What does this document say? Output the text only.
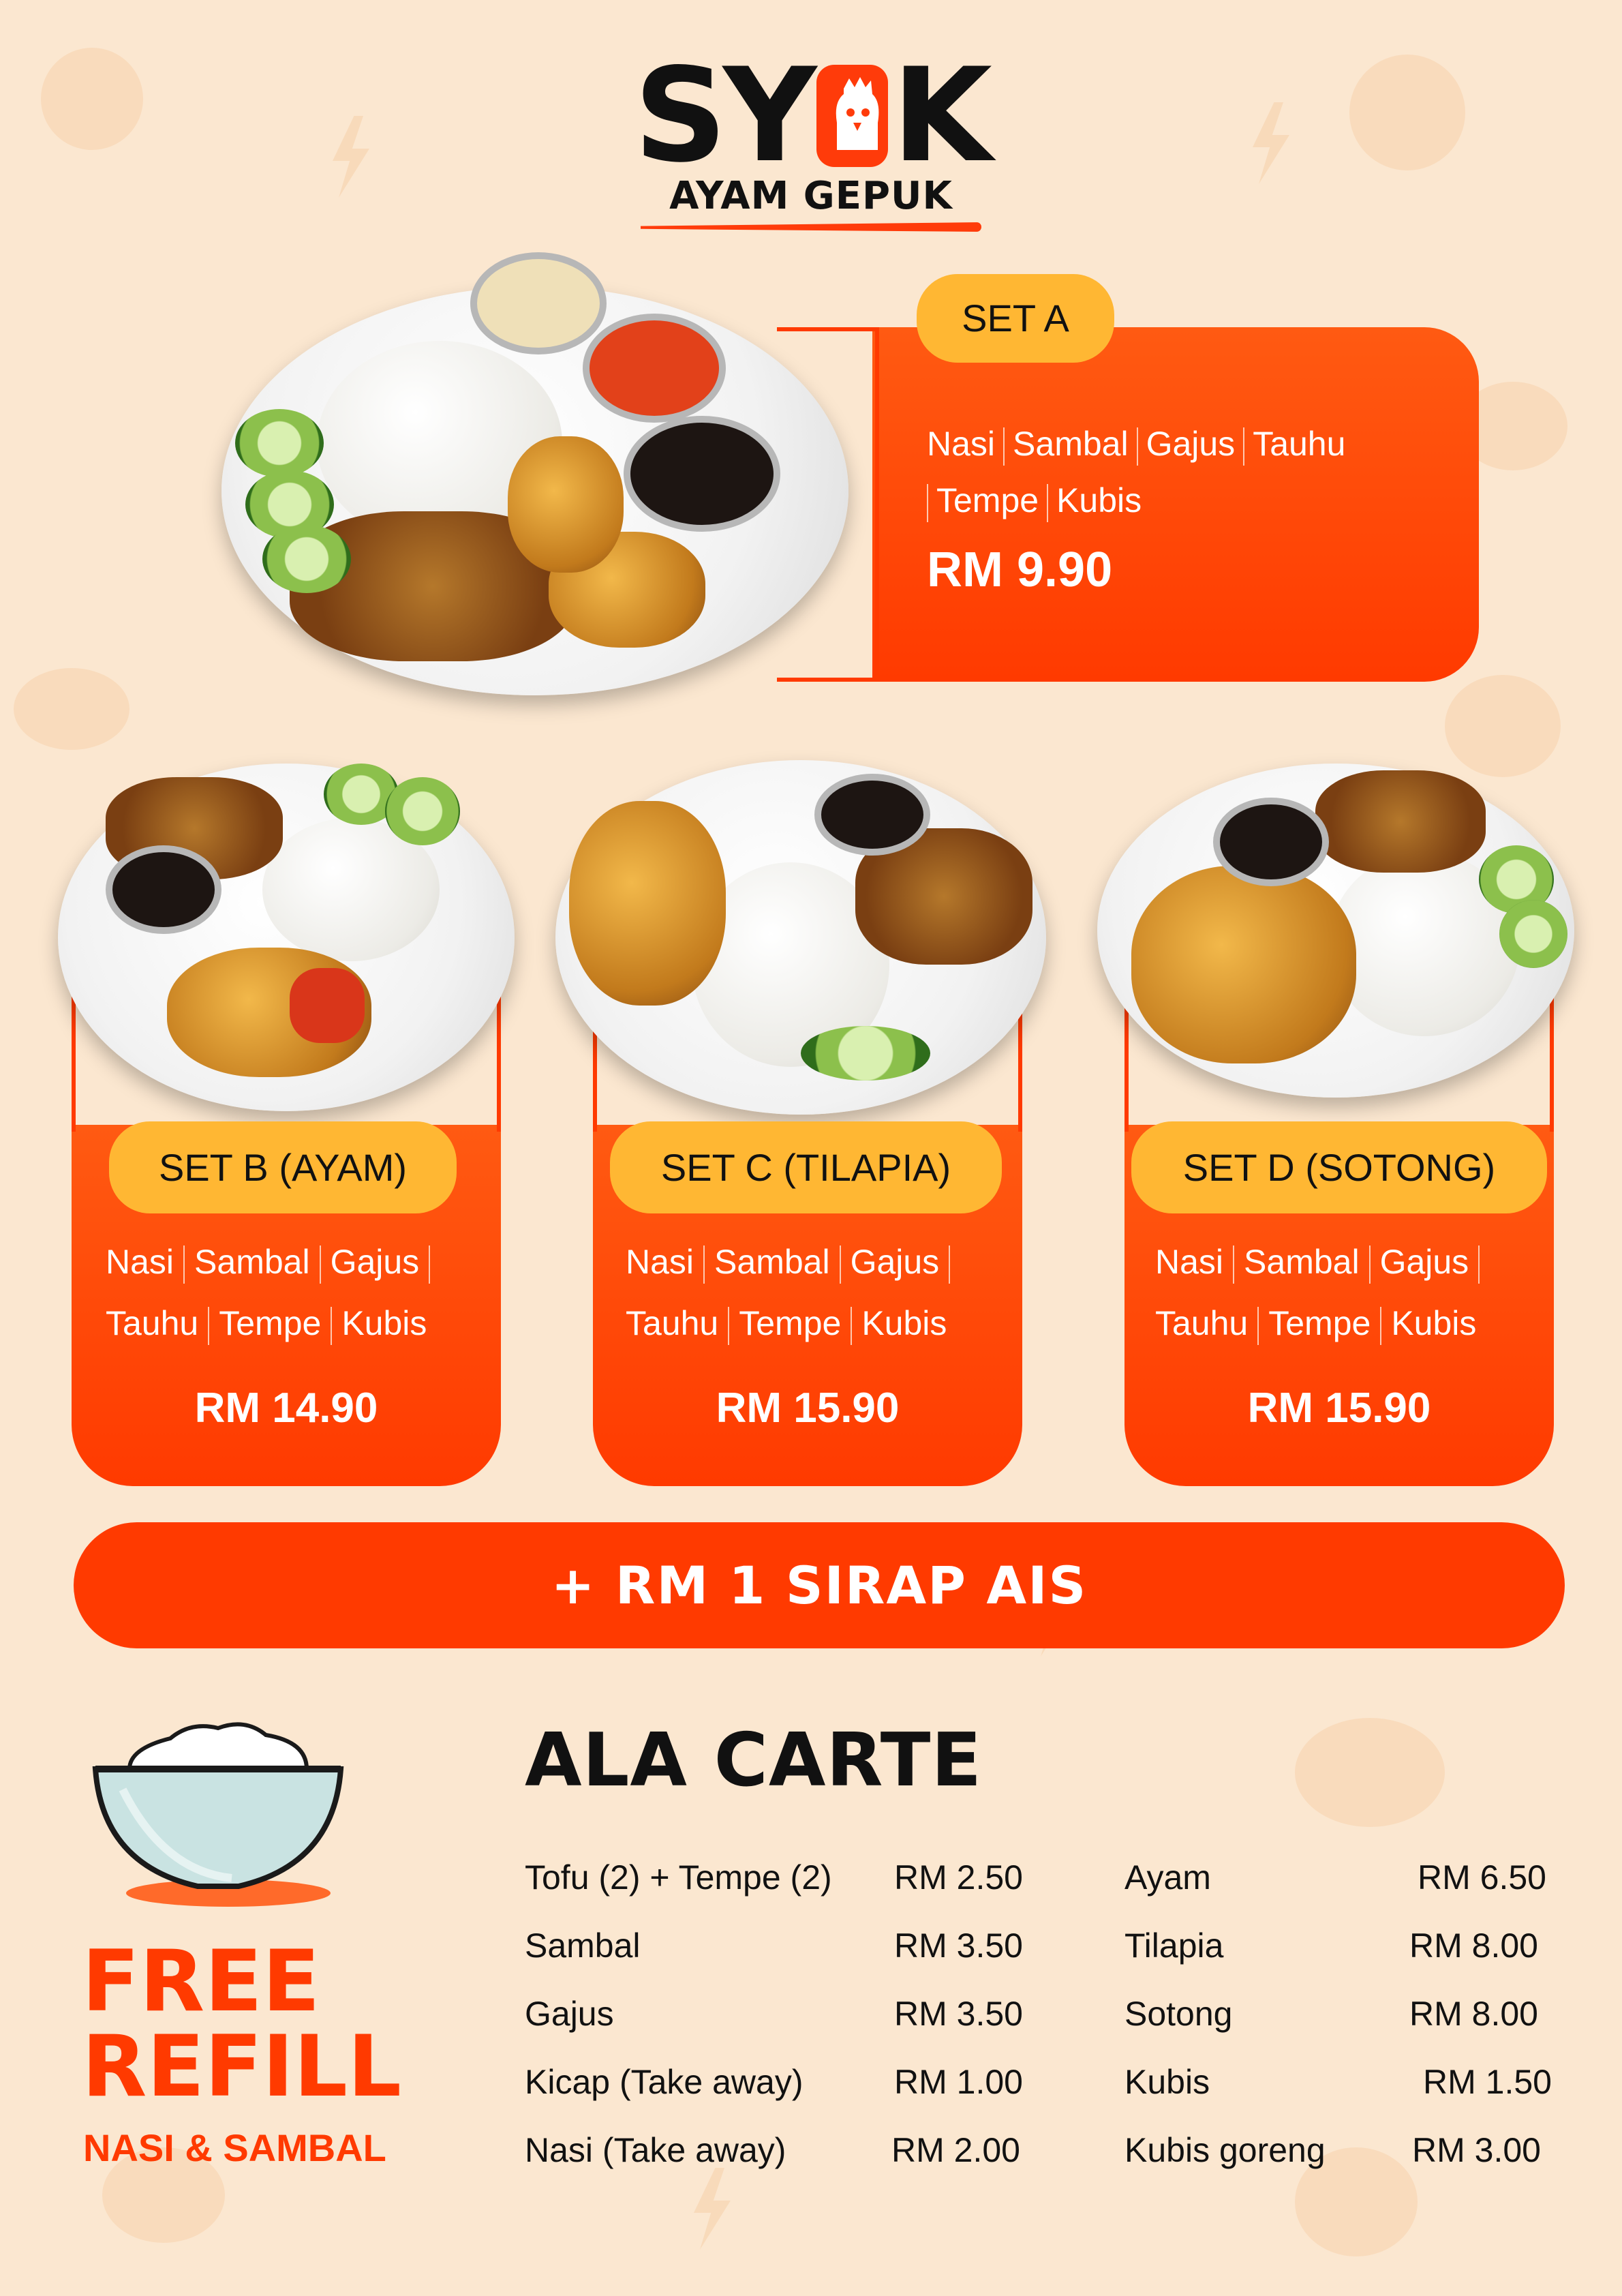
SY K
AYAM GEPUK
SET A
Nasi Sambal Gajus Tauhu
Tempe Kubis
RM 9.90
SET B (AYAM)
Nasi Sambal Gajus
Tauhu Tempe Kubis
RM 14.90
SET C (TILAPIA)
Nasi Sambal Gajus
Tauhu Tempe Kubis
RM 15.90
SET D (SOTONG)
Nasi Sambal Gajus
Tauhu Tempe Kubis
RM 15.90
+ RM 1 SIRAP AIS
FREE
REFILL
NASI & SAMBAL
ALA CARTE
Tofu (2) + Tempe (2) RM 2.50
Sambal	RM 3.50
Gajus	RM 3.50
Kicap (Take away)	RM 1.00
Nasi (Take away)	RM 2.00
Ayam	RM 6.50
Tilapia	RM 8.00
Sotong	RM 8.00
Kubis	RM 1.50
Kubis goreng	RM 3.00
